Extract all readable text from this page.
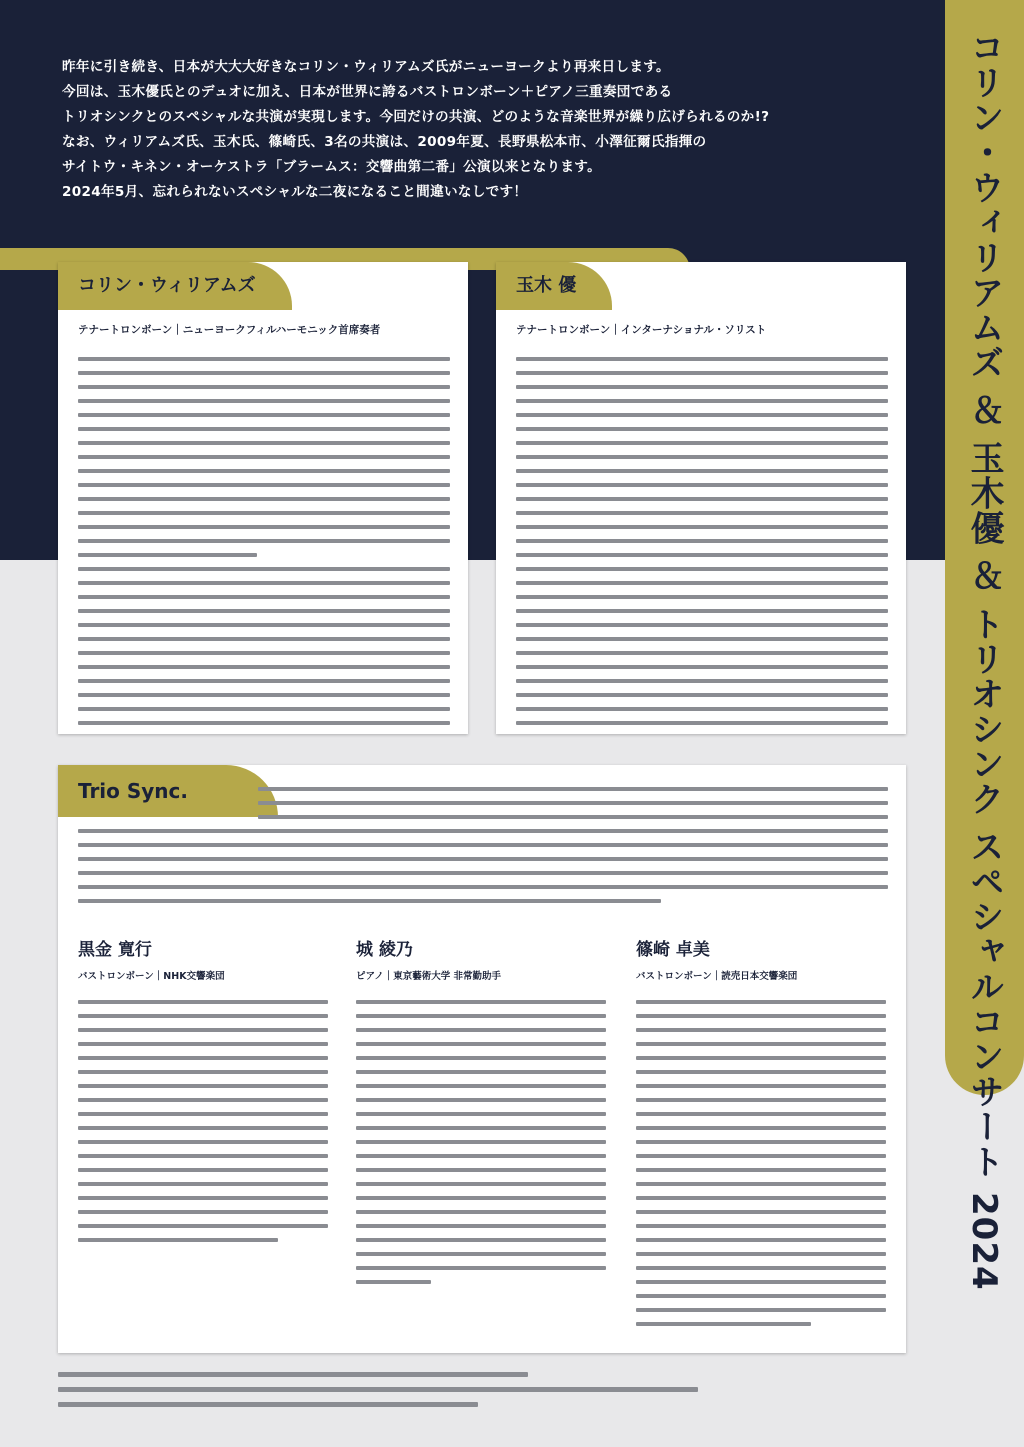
コリン・ウィリアムズ ＆ 玉木優 ＆ トリオシンク スペシャルコンサート 2024

昨年に引き続き、日本が大大大好きなコリン・ウィリアムズ氏がニューヨークより再来日します。

今回は、玉木優氏とのデュオに加え、日本が世界に誇るバストロンボーン＋ピアノ三重奏団である

トリオシンクとのスペシャルな共演が実現します。今回だけの共演、どのような音楽世界が繰り広げられるのか!?

なお、ウィリアムズ氏、玉木氏、篠崎氏、3名の共演は、2009年夏、長野県松本市、小澤征爾氏指揮の

サイトウ・キネン・オーケストラ「ブラームス：交響曲第二番」公演以来となります。

2024年5月、忘れられないスペシャルな二夜になること間違いなしです！

コリン・ウィリアムズ
テナートロンボーン｜ニューヨークフィルハーモニック首席奏者
玉木 優
テナートロンボーン｜インターナショナル・ソリスト
Trio Sync.
黒金 寛行
バストロンボーン｜NHK交響楽団
城 綾乃
ピアノ｜東京藝術大学 非常勤助手
篠崎 卓美
バストロンボーン｜読売日本交響楽団
